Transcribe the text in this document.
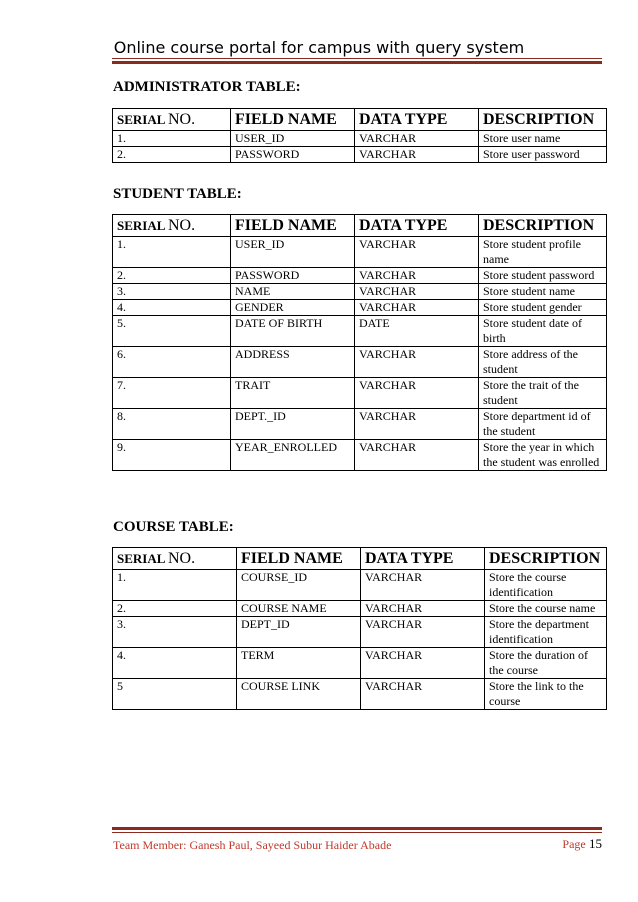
Online course portal for campus with query system
ADMINISTRATOR TABLE:
SERIAL NO.	FIELD NAME	DATA TYPE	DESCRIPTION
1.	USER_ID	VARCHAR	Store user name
2.	PASSWORD	VARCHAR	Store user password
STUDENT TABLE:
SERIAL NO.	FIELD NAME	DATA TYPE	DESCRIPTION
1.	USER_ID	VARCHAR	Store student profile name
2.	PASSWORD	VARCHAR	Store student password
3.	NAME	VARCHAR	Store student name
4.	GENDER	VARCHAR	Store student gender
5.	DATE OF BIRTH	DATE	Store student date of birth
6.	ADDRESS	VARCHAR	Store address of the student
7.	TRAIT	VARCHAR	Store the trait of the student
8.	DEPT._ID	VARCHAR	Store department id of the student
9.	YEAR_ENROLLED	VARCHAR	Store the year in which the student was enrolled
COURSE TABLE:
SERIAL NO.	FIELD NAME	DATA TYPE	DESCRIPTION
1.	COURSE_ID	VARCHAR	Store the course identification
2.	COURSE NAME	VARCHAR	Store the course name
3.	DEPT_ID	VARCHAR	Store the department identification
4.	TERM	VARCHAR	Store the duration of the course
5	COURSE LINK	VARCHAR	Store the link to the course
Team Member: Ganesh Paul, Sayeed Subur Haider Abade	Page 15
